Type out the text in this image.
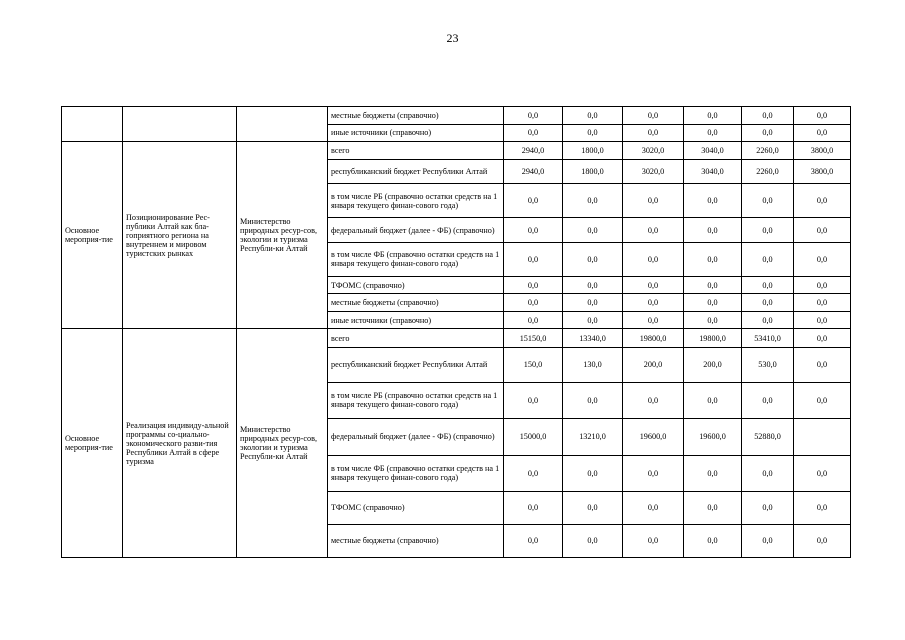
23
			местные бюджеты (справочно)	0,0	0,0	0,0	0,0	0,0	0,0
			иные источники (справочно)	0,0	0,0	0,0	0,0	0,0	0,0
Основное мероприя-тие	Позиционирование Рес-публики Алтай как бла-гоприятного региона на внутреннем и мировом туристских рынках	Министерство природных ресур-сов, экологии и туризма Республи-ки Алтай	всего	2940,0	1800,0	3020,0	3040,0	2260,0	3800,0
			республиканский бюджет Республики Алтай	2940,0	1800,0	3020,0	3040,0	2260,0	3800,0
			в том числе РБ (справочно остатки средств на 1 января текущего финан-сового года)	0,0	0,0	0,0	0,0	0,0	0,0
			федеральный бюджет (далее - ФБ) (справочно)	0,0	0,0	0,0	0,0	0,0	0,0
			в том числе ФБ (справочно остатки средств на 1 января текущего финан-сового года)	0,0	0,0	0,0	0,0	0,0	0,0
			ТФОМС (справочно)	0,0	0,0	0,0	0,0	0,0	0,0
			местные бюджеты (справочно)	0,0	0,0	0,0	0,0	0,0	0,0
			иные источники (справочно)	0,0	0,0	0,0	0,0	0,0	0,0
Основное мероприя-тие	Реализация индивиду-альной программы со-циально-экономического разви-тия Республики Алтай в сфере туризма	Министерство природных ресур-сов, экологии и туризма Республи-ки Алтай	всего	15150,0	13340,0	19800,0	19800,0	53410,0	0,0
			республиканский бюджет Республики Алтай	150,0	130,0	200,0	200,0	530,0	0,0
			в том числе РБ (справочно остатки средств на 1 января текущего финан-сового года)	0,0	0,0	0,0	0,0	0,0	0,0
			федеральный бюджет (далее - ФБ) (справочно)	15000,0	13210,0	19600,0	19600,0	52880,0	
			в том числе ФБ (справочно остатки средств на 1 января текущего финан-сового года)	0,0	0,0	0,0	0,0	0,0	0,0
			ТФОМС (справочно)	0,0	0,0	0,0	0,0	0,0	0,0
			местные бюджеты (справочно)	0,0	0,0	0,0	0,0	0,0	0,0
